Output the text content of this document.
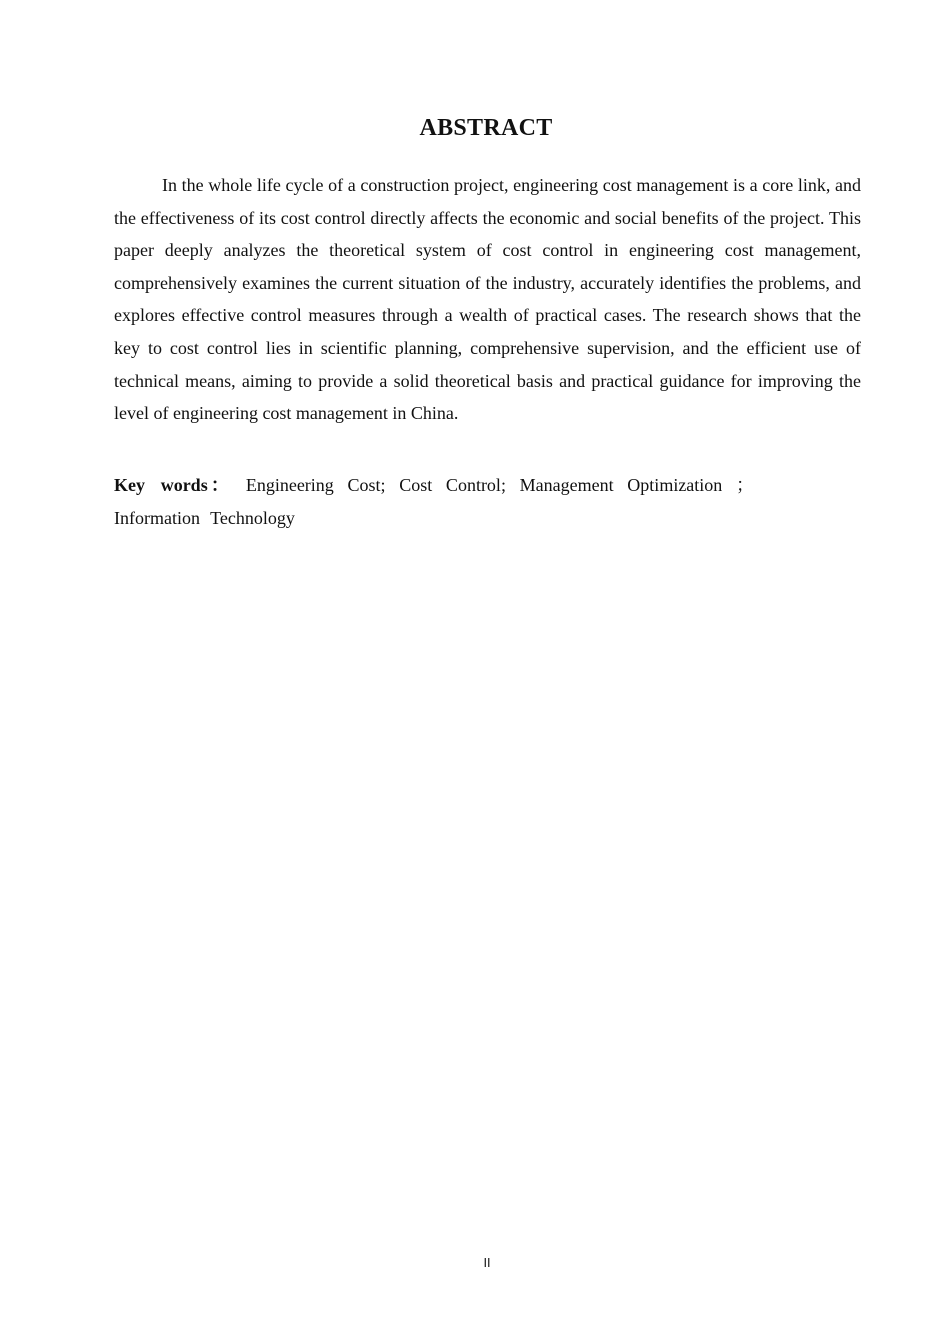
ABSTRACT

In the whole life cycle of a construction project, engineering cost management is a core link, and the effectiveness of its cost control directly affects the economic and social benefits of the project. This paper deeply analyzes the theoretical system of cost control in engineering cost management, comprehensively examines the current situation of the industry, accurately identifies the problems, and explores effective control measures through a wealth of practical cases. The research shows that the key to cost control lies in scientific planning, comprehensive supervision, and the efficient use of technical means, aiming to provide a solid theoretical basis and practical guidance for improving the level of engineering cost management in China.

Key words： Engineering Cost; Cost Control; Management Optimization ； Information Technology

II
